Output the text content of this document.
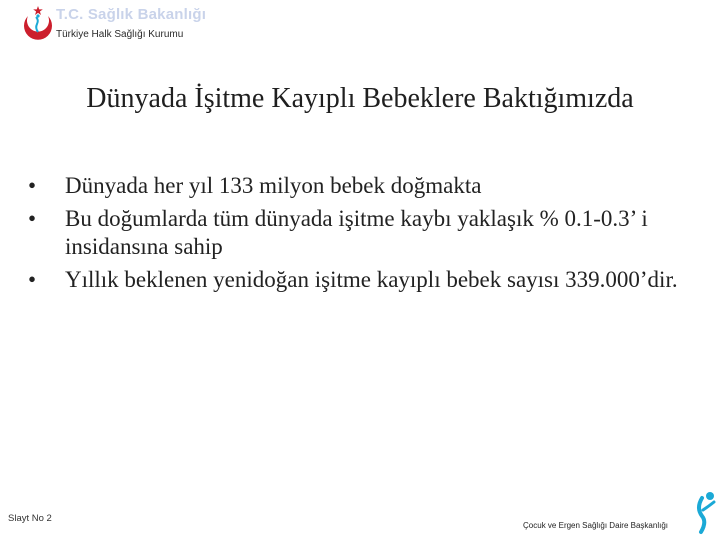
T.C. Sağlık Bakanlığı
Türkiye Halk Sağlığı Kurumu
Dünyada İşitme Kayıplı Bebeklere Baktığımızda
• Dünyada her yıl 133 milyon bebek doğmakta
• Bu doğumlarda tüm dünyada işitme kaybı yaklaşık % 0.1-0.3’ i insidansına sahip
• Yıllık beklenen yenidoğan işitme kayıplı bebek sayısı 339.000’dir.
Slayt No 2
Çocuk ve Ergen Sağlığı Daire Başkanlığı
